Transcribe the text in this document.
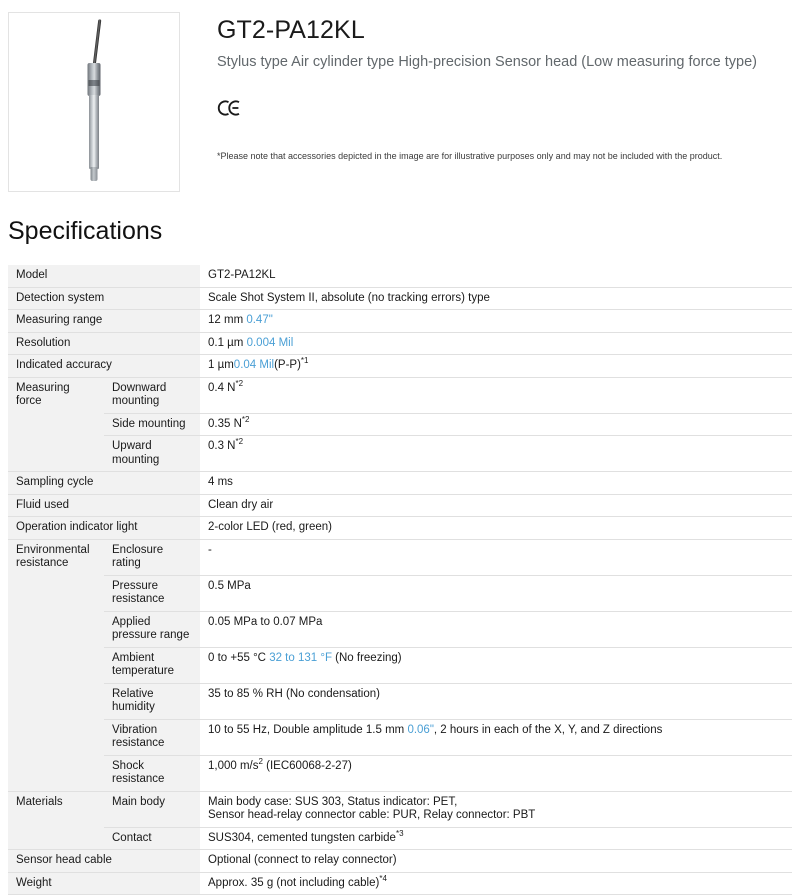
GT2-PA12KL

Stylus type Air cylinder type High-precision Sensor head (Low measuring force type)

*Please note that accessories depicted in the image are for illustrative purposes only and may not be included with the product.
Specifications
Model		GT2-PA12KL
Detection system		Scale Shot System II, absolute (no tracking errors) type
Measuring range		12 mm 0.47"
Resolution		0.1 µm 0.004 Mil
Indicated accuracy		1 µm0.04 $Mil(P-P)^{*1}$
Measuring force	Downward mounting	0.4 $N^{*2}$
	Side mounting	0.35 $N^{*2}$
	Upward mounting	0.3 $N^{*2}$
Sampling cycle		4 ms
Fluid used		Clean dry air
Operation indicator light		2-color LED (red, green)
Environmental resistance	Enclosure rating	-
	Pressure resistance	0.5 MPa
	Applied pressure range	0.05 MPa to 0.07 MPa
	Ambient temperature	0 to +55 °C 32 to 131 °F (No freezing)
	Relative humidity	35 to 85 % RH (No condensation)
	Vibration resistance	10 to 55 Hz, Double amplitude 1.5 mm 0.06", 2 hours in each of the X, Y, and Z directions
	Shock resistance	1,000 $m/s^2$ (IEC60068-2-27)
Materials	Main body	Main body case: SUS 303, Status indicator: PET,
Sensor head-relay connector cable: PUR, Relay connector: PBT
	Contact	SUS304, cemented tungsten carbide$^{*3}$
Sensor head cable		Optional (connect to relay connector)
Weight		Approx. 35 g (not including cable)$^{*4}$
